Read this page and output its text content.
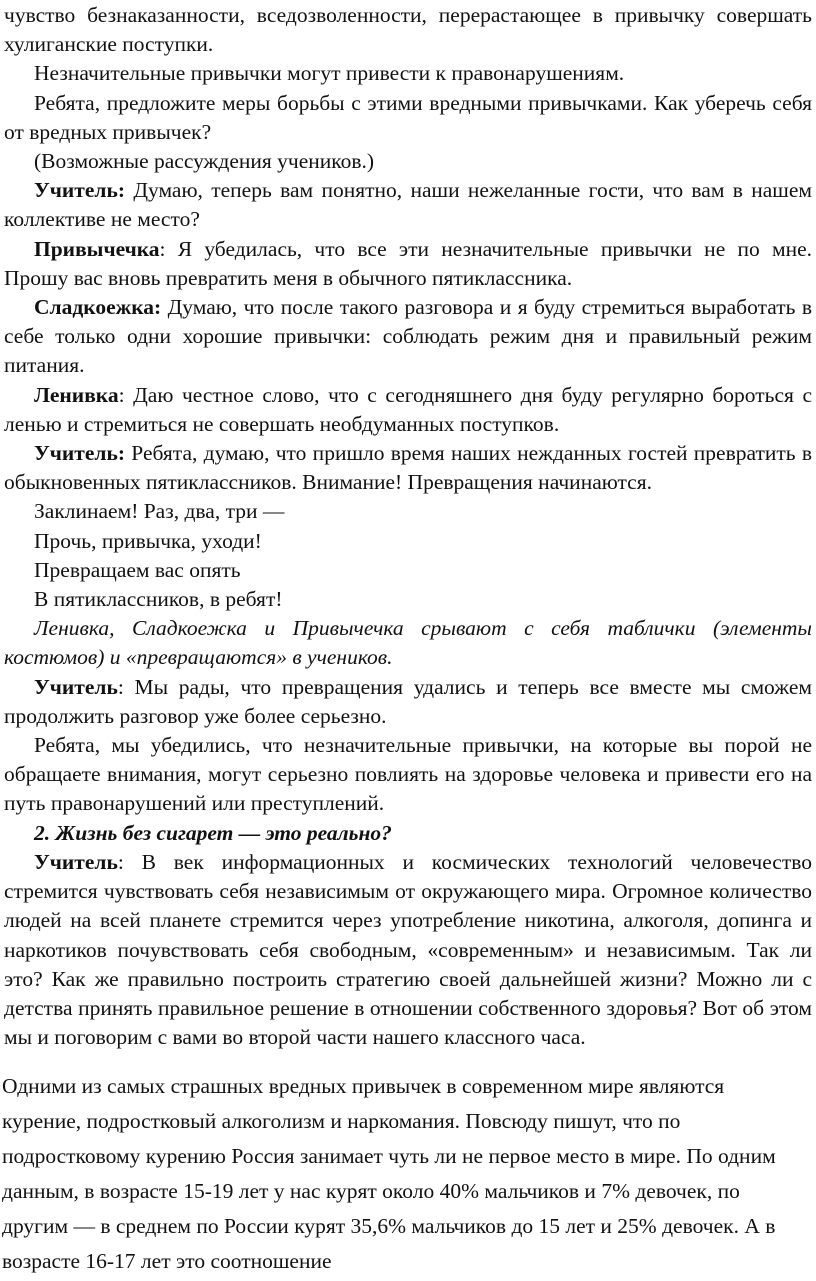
чувство безнаказанности, вседозволенности, перерастающее в привычку совершать хулиганские поступки.

Незначительные привычки могут привести к правонарушениям.

Ребята, предложите меры борьбы с этими вредными привычками. Как уберечь себя от вредных привычек?

(Возможные рассуждения учеников.)

Учитель: Думаю, теперь вам понятно, наши нежеланные гости, что вам в нашем коллективе не место?

Привычечка: Я убедилась, что все эти незначительные привычки не по мне. Прошу вас вновь превратить меня в обычного пятиклассника.

Сладкоежка: Думаю, что после такого разговора и я буду стремиться выработать в себе только одни хорошие привычки: соблюдать режим дня и правильный режим питания.

Ленивка: Даю честное слово, что с сегодняшнего дня буду регулярно бороться с ленью и стремиться не совершать необдуманных поступков.

Учитель: Ребята, думаю, что пришло время наших нежданных гостей превратить в обыкновенных пятиклассников. Внимание! Превращения начинаются.

Заклинаем! Раз, два, три —

Прочь, привычка, уходи!

Превращаем вас опять

В пятиклассников, в ребят!

Ленивка, Сладкоежка и Привычечка срывают с себя таблички (элементы костюмов) и «превращаются» в учеников.

Учитель: Мы рады, что превращения удались и теперь все вместе мы сможем продолжить разговор уже более серьезно.

Ребята, мы убедились, что незначительные привычки, на которые вы порой не обращаете внимания, могут серьезно повлиять на здоровье человека и привести его на путь правонарушений или преступлений.

2. Жизнь без сигарет — это реально?

Учитель: В век информационных и космических технологий человечество стремится чувствовать себя независимым от окружающего мира. Огромное количество людей на всей планете стремится через употребление никотина, алкоголя, допинга и наркотиков почувствовать себя свободным, «современным» и независимым. Так ли это? Как же правильно построить стратегию своей дальнейшей жизни? Можно ли с детства принять правильное решение в отношении собственного здоровья? Вот об этом мы и поговорим с вами во второй части нашего классного часа.

Одними из самых страшных вредных привычек в современном мире являются курение, подростковый алкоголизм и наркомания. Повсюду пишут, что по подростковому курению Россия занимает чуть ли не первое место в мире. По одним данным, в возрасте 15-19 лет у нас курят около 40% мальчиков и 7% девочек, по другим — в среднем по России курят 35,6% мальчиков до 15 лет и 25% девочек. А в возрасте 16-17 лет это соотношение
